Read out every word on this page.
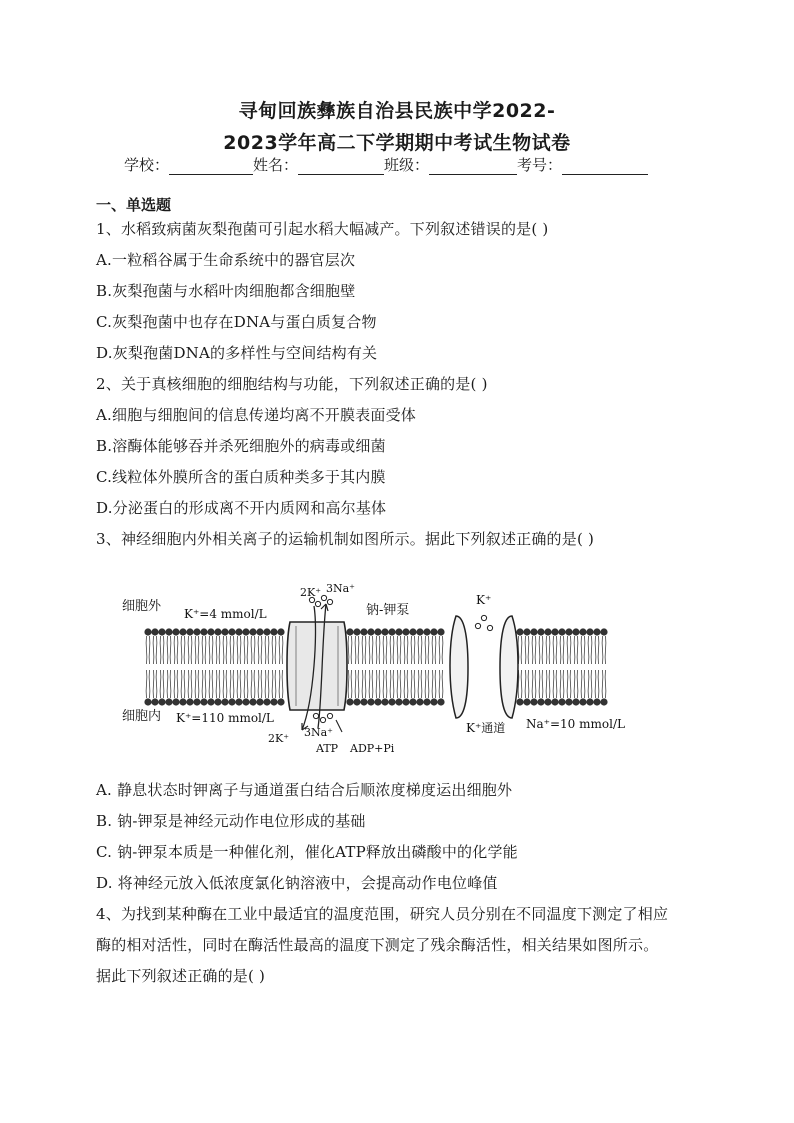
寻甸回族彝族自治县民族中学2022-
2023学年高二下学期期中考试生物试卷
学校：	姓名：	班级：	考号：
一、单选题
1、水稻致病菌灰梨孢菌可引起水稻大幅减产。下列叙述错误的是( )
A.一粒稻谷属于生命系统中的器官层次
B.灰梨孢菌与水稻叶肉细胞都含细胞壁
C.灰梨孢菌中也存在DNA与蛋白质复合物
D.灰梨孢菌DNA的多样性与空间结构有关
2、关于真核细胞的细胞结构与功能，下列叙述正确的是( )
A.细胞与细胞间的信息传递均离不开膜表面受体
B.溶酶体能够吞并杀死细胞外的病毒或细菌
C.线粒体外膜所含的蛋白质种类多于其内膜
D.分泌蛋白的形成离不开内质网和高尔基体
3、神经细胞内外相关离子的运输机制如图所示。据此下列叙述正确的是( )
细胞外 K⁺=4 mmol/L
细胞内 K⁺=110 mmol/L
2K⁺ 3Na⁺
钠-钾泵
2K⁺ 3Na⁺
ATP ADP+Pi
K⁺
K⁺通道 Na⁺=10 mmol/L
A. 静息状态时钾离子与通道蛋白结合后顺浓度梯度运出细胞外
B. 钠-钾泵是神经元动作电位形成的基础
C. 钠-钾泵本质是一种催化剂，催化ATP释放出磷酸中的化学能
D. 将神经元放入低浓度氯化钠溶液中，会提高动作电位峰值
4、为找到某种酶在工业中最适宜的温度范围，研究人员分别在不同温度下测定了相应
酶的相对活性，同时在酶活性最高的温度下测定了残余酶活性，相关结果如图所示。
据此下列叙述正确的是( )
